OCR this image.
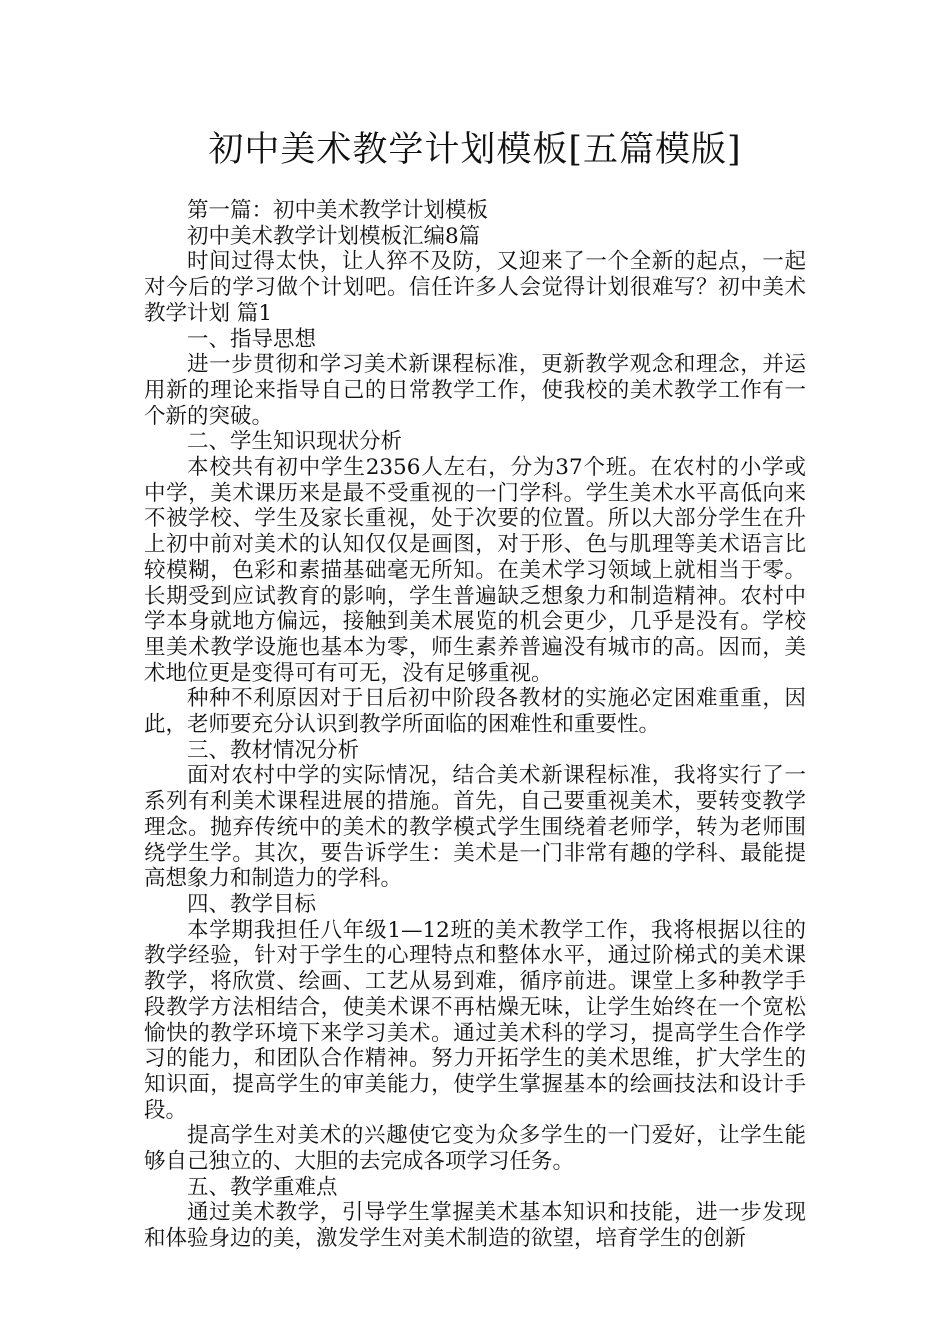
初中美术教学计划模板[五篇模版]

第一篇：初中美术教学计划模板

初中美术教学计划模板汇编8篇

时间过得太快，让人猝不及防，又迎来了一个全新的起点，一起对今后的学习做个计划吧。信任许多人会觉得计划很难写？初中美术教学计划 篇1

一、指导思想

进一步贯彻和学习美术新课程标准，更新教学观念和理念，并运用新的理论来指导自己的日常教学工作，使我校的美术教学工作有一个新的突破。

二、学生知识现状分析

本校共有初中学生2356人左右，分为37个班。在农村的小学或中学，美术课历来是最不受重视的一门学科。学生美术水平高低向来不被学校、学生及家长重视，处于次要的位置。所以大部分学生在升上初中前对美术的认知仅仅是画图，对于形、色与肌理等美术语言比较模糊，色彩和素描基础毫无所知。在美术学习领域上就相当于零。长期受到应试教育的影响，学生普遍缺乏想象力和制造精神。农村中学本身就地方偏远，接触到美术展览的机会更少，几乎是没有。学校里美术教学设施也基本为零，师生素养普遍没有城市的高。因而，美术地位更是变得可有可无，没有足够重视。

种种不利原因对于日后初中阶段各教材的实施必定困难重重，因此，老师要充分认识到教学所面临的困难性和重要性。

三、教材情况分析

面对农村中学的实际情况，结合美术新课程标准，我将实行了一系列有利美术课程进展的措施。首先，自己要重视美术，要转变教学理念。抛弃传统中的美术的教学模式学生围绕着老师学，转为老师围绕学生学。其次，要告诉学生：美术是一门非常有趣的学科、最能提高想象力和制造力的学科。

四、教学目标

本学期我担任八年级1—12班的美术教学工作，我将根据以往的教学经验，针对于学生的心理特点和整体水平，通过阶梯式的美术课教学，将欣赏、绘画、工艺从易到难，循序前进。课堂上多种教学手段教学方法相结合，使美术课不再枯燥无味，让学生始终在一个宽松愉快的教学环境下来学习美术。通过美术科的学习，提高学生合作学习的能力，和团队合作精神。努力开拓学生的美术思维，扩大学生的知识面，提高学生的审美能力，使学生掌握基本的绘画技法和设计手段。

提高学生对美术的兴趣使它变为众多学生的一门爱好，让学生能够自己独立的、大胆的去完成各项学习任务。

五、教学重难点

通过美术教学，引导学生掌握美术基本知识和技能，进一步发现和体验身边的美，激发学生对美术制造的欲望，培育学生的创新
